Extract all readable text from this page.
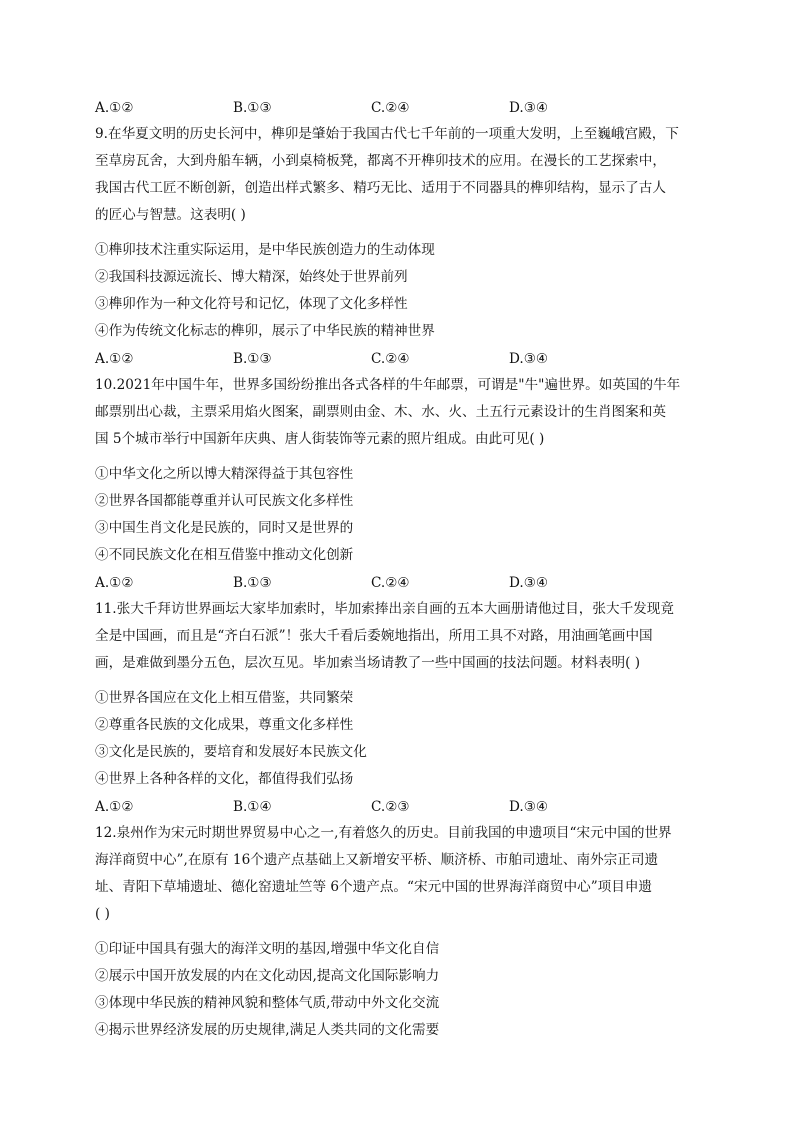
A.①②	B.①③	C.②④	D.③④

9.在华夏文明的历史长河中，榫卯是肇始于我国古代七千年前的一项重大发明，上至巍峨宫殿，下

至草房瓦舍，大到舟船车辆，小到桌椅板凳，都离不开榫卯技术的应用。在漫长的工艺探索中，

我国古代工匠不断创新，创造出样式繁多、精巧无比、适用于不同器具的榫卯结构，显示了古人

的匠心与智慧。这表明( )

①榫卯技术注重实际运用，是中华民族创造力的生动体现

②我国科技源远流长、博大精深，始终处于世界前列

③榫卯作为一种文化符号和记忆，体现了文化多样性

④作为传统文化标志的榫卯，展示了中华民族的精神世界

A.①②	B.①③	C.②④	D.③④

10.2021年中国牛年，世界多国纷纷推出各式各样的牛年邮票，可谓是"牛"遍世界。如英国的牛年

邮票别出心裁，主票采用焰火图案，副票则由金、木、水、火、土五行元素设计的生肖图案和英

国 5个城市举行中国新年庆典、唐人街装饰等元素的照片组成。由此可见( )

①中华文化之所以博大精深得益于其包容性

②世界各国都能尊重并认可民族文化多样性

③中国生肖文化是民族的，同时又是世界的

④不同民族文化在相互借鉴中推动文化创新

A.①②	B.①③	C.②④	D.③④

11.张大千拜访世界画坛大家毕加索时，毕加索捧出亲自画的五本大画册请他过目，张大千发现竟

全是中国画，而且是“齐白石派”！张大千看后委婉地指出，所用工具不对路，用油画笔画中国

画，是难做到墨分五色，层次互见。毕加索当场请教了一些中国画的技法问题。材料表明( )

①世界各国应在文化上相互借鉴，共同繁荣

②尊重各民族的文化成果，尊重文化多样性

③文化是民族的，要培育和发展好本民族文化

④世界上各种各样的文化，都值得我们弘扬

A.①②	B.①④	C.②③	D.③④

12.泉州作为宋元时期世界贸易中心之一,有着悠久的历史。目前我国的申遗项目“宋元中国的世界

海洋商贸中心”,在原有 16个遗产点基础上又新增安平桥、顺济桥、市舶司遗址、南外宗正司遗

址、青阳下草埔遗址、德化窑遗址竺等 6个遗产点。“宋元中国的世界海洋商贸中心”项目申遗

( )

①印证中国具有强大的海洋文明的基因,增强中华文化自信

②展示中国开放发展的内在文化动因,提高文化国际影响力

③体现中华民族的精神风貌和整体气质,带动中外文化交流

④揭示世界经济发展的历史规律,满足人类共同的文化需要
